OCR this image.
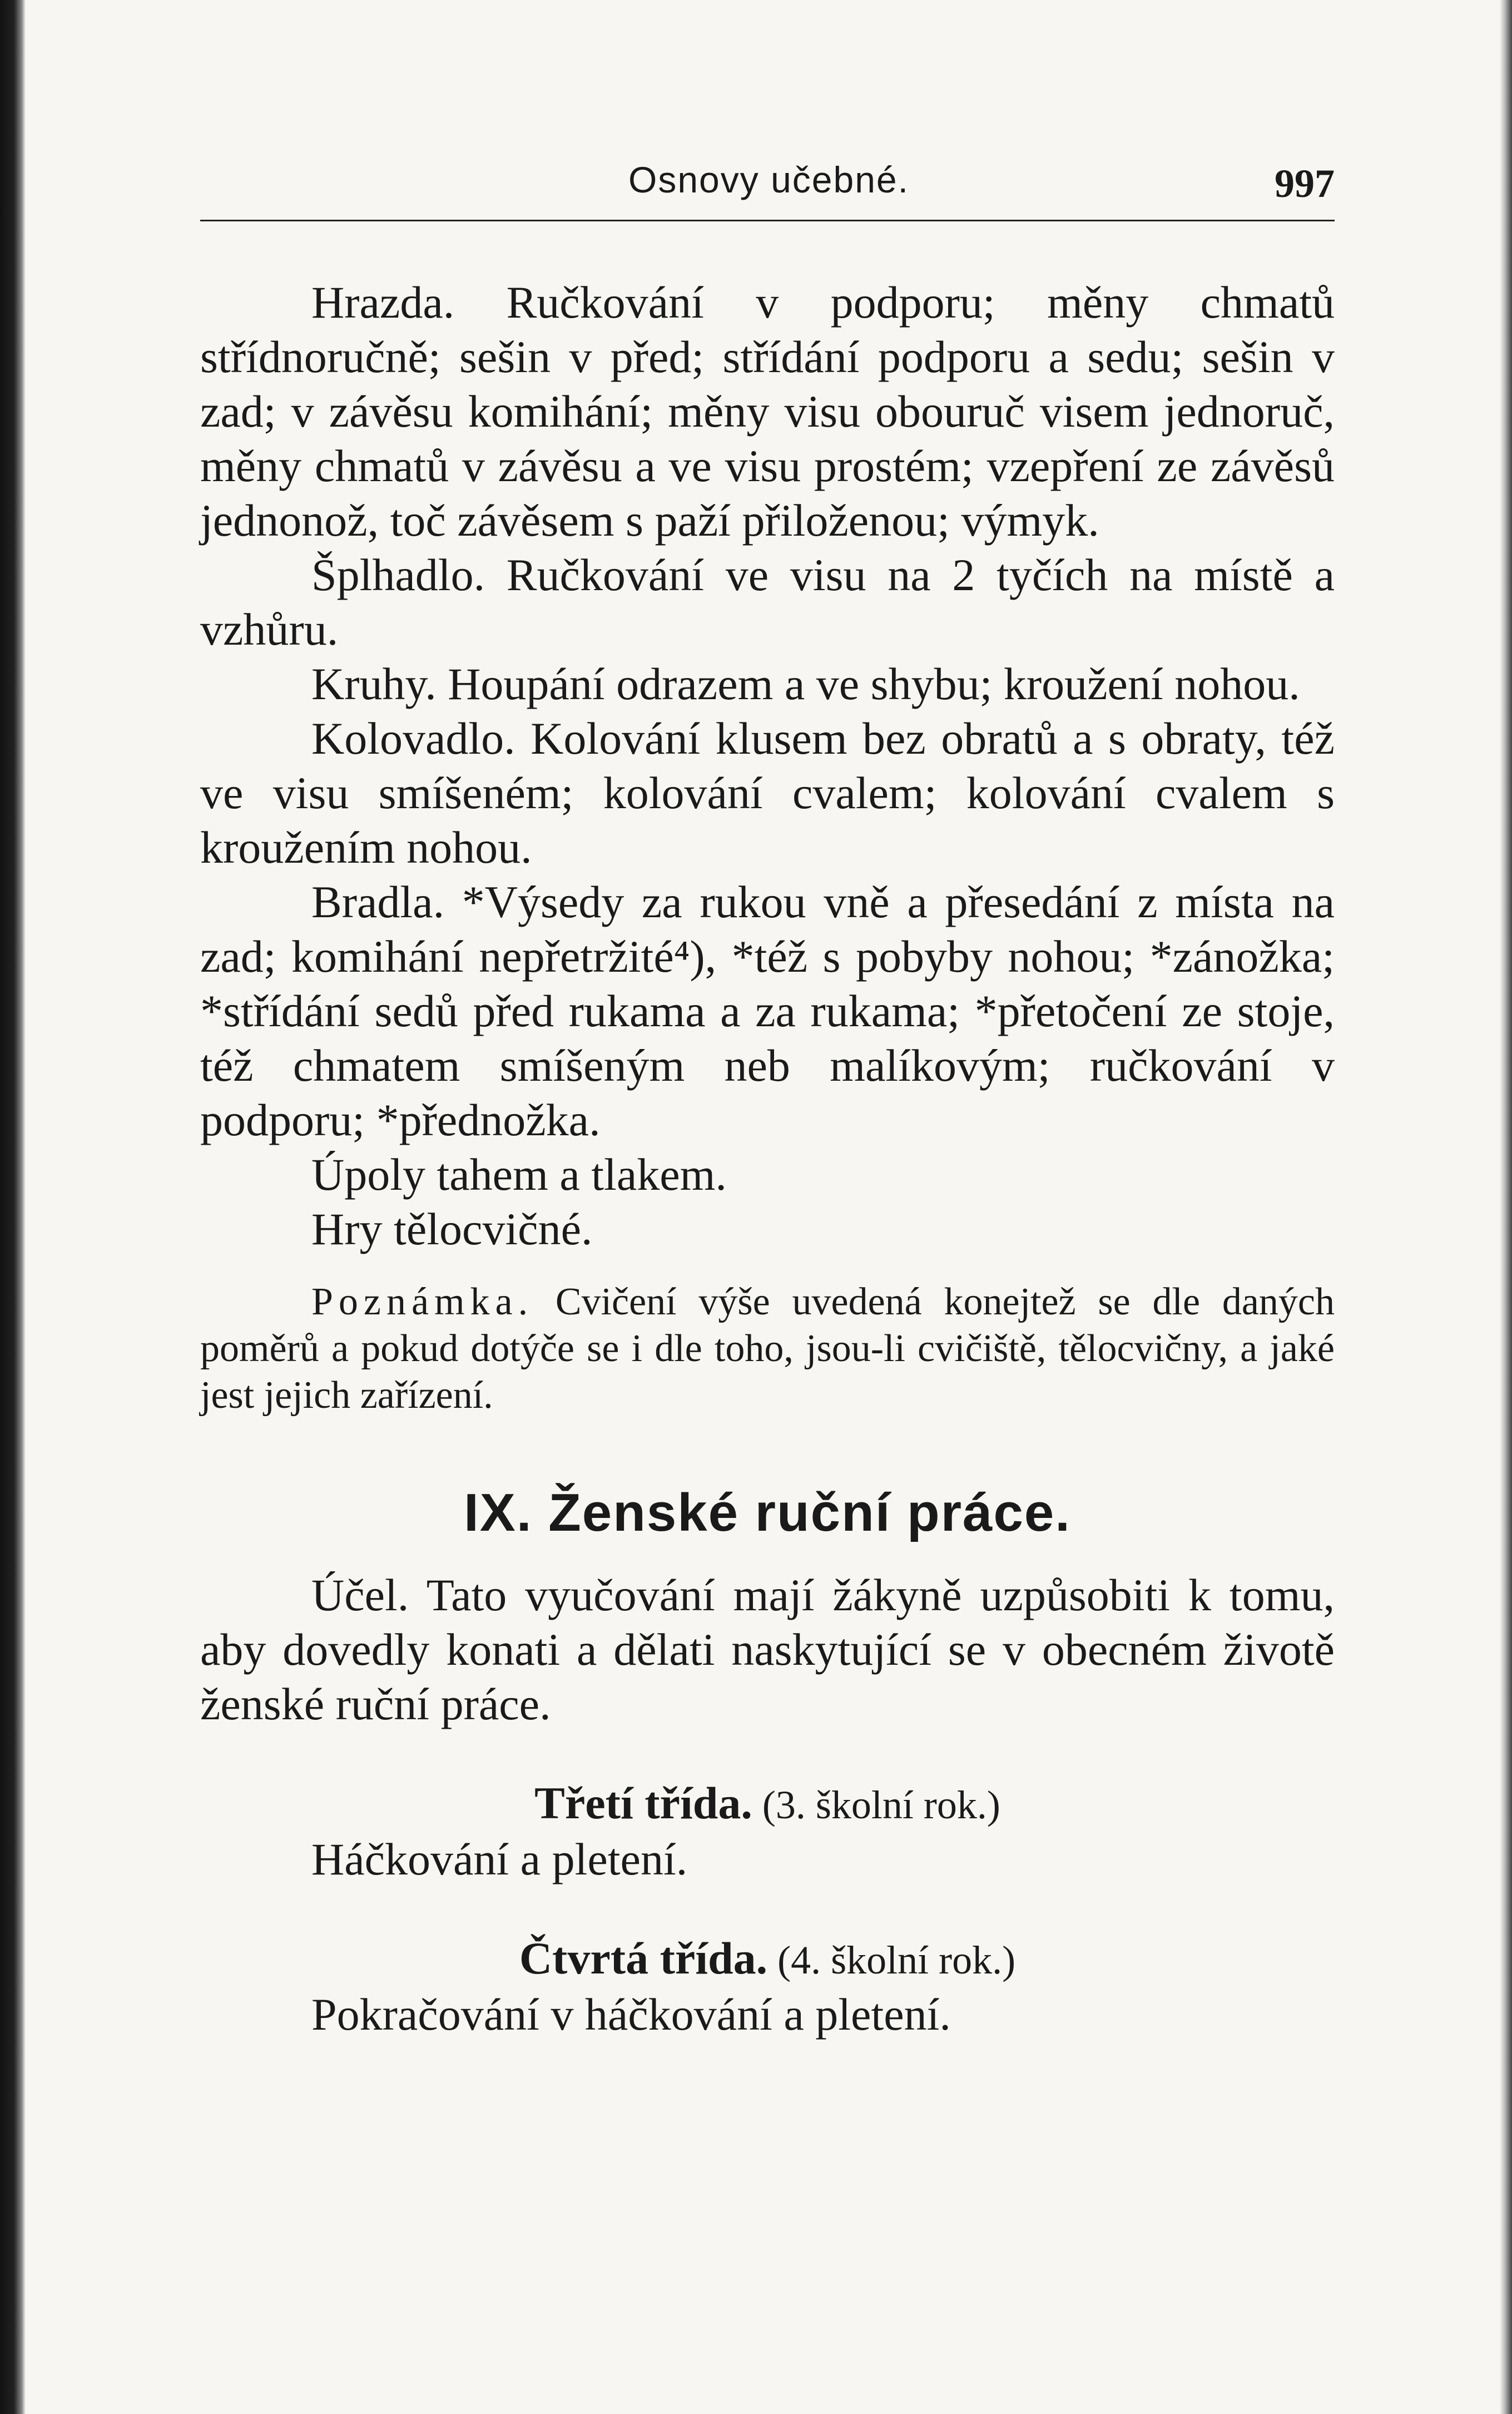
Osnovy učebné.	997

Hrazda. Ručkování v podporu; měny chmatů střídnoručně; sešin v před; střídání podporu a sedu; sešin v zad; v závěsu komihání; měny visu obouruč visem jednoruč, měny chmatů v závěsu a ve visu prostém; vzepření ze závěsů jednonož, toč závěsem s paží přiloženou; výmyk.

Šplhadlo. Ručkování ve visu na 2 tyčích na místě a vzhůru.

Kruhy. Houpání odrazem a ve shybu; kroužení nohou.

Kolovadlo. Kolování klusem bez obratů a s obraty, též ve visu smíšeném; kolování cvalem; kolování cvalem s kroužením nohou.

Bradla. *Výsedy za rukou vně a přesedání z místa na zad; komihání nepřetržité⁴), *též s pobyby nohou; *zánožka; *střídání sedů před rukama a za rukama; *přetočení ze stoje, též chmatem smíšeným neb malíkovým; ručkování v podporu; *přednožka.

Úpoly tahem a tlakem.

Hry tělocvičné.

Poznámka. Cvičení výše uvedená konejtež se dle daných poměrů a pokud dotýče se i dle toho, jsou-li cvičiště, tělocvičny, a jaké jest jejich zařízení.

IX. Ženské ruční práce.

Účel. Tato vyučování mají žákyně uzpůsobiti k tomu, aby dovedly konati a dělati naskytující se v obecném životě ženské ruční práce.

Třetí třída. (3. školní rok.)

Háčkování a pletení.

Čtvrtá třída. (4. školní rok.)

Pokračování v háčkování a pletení.
